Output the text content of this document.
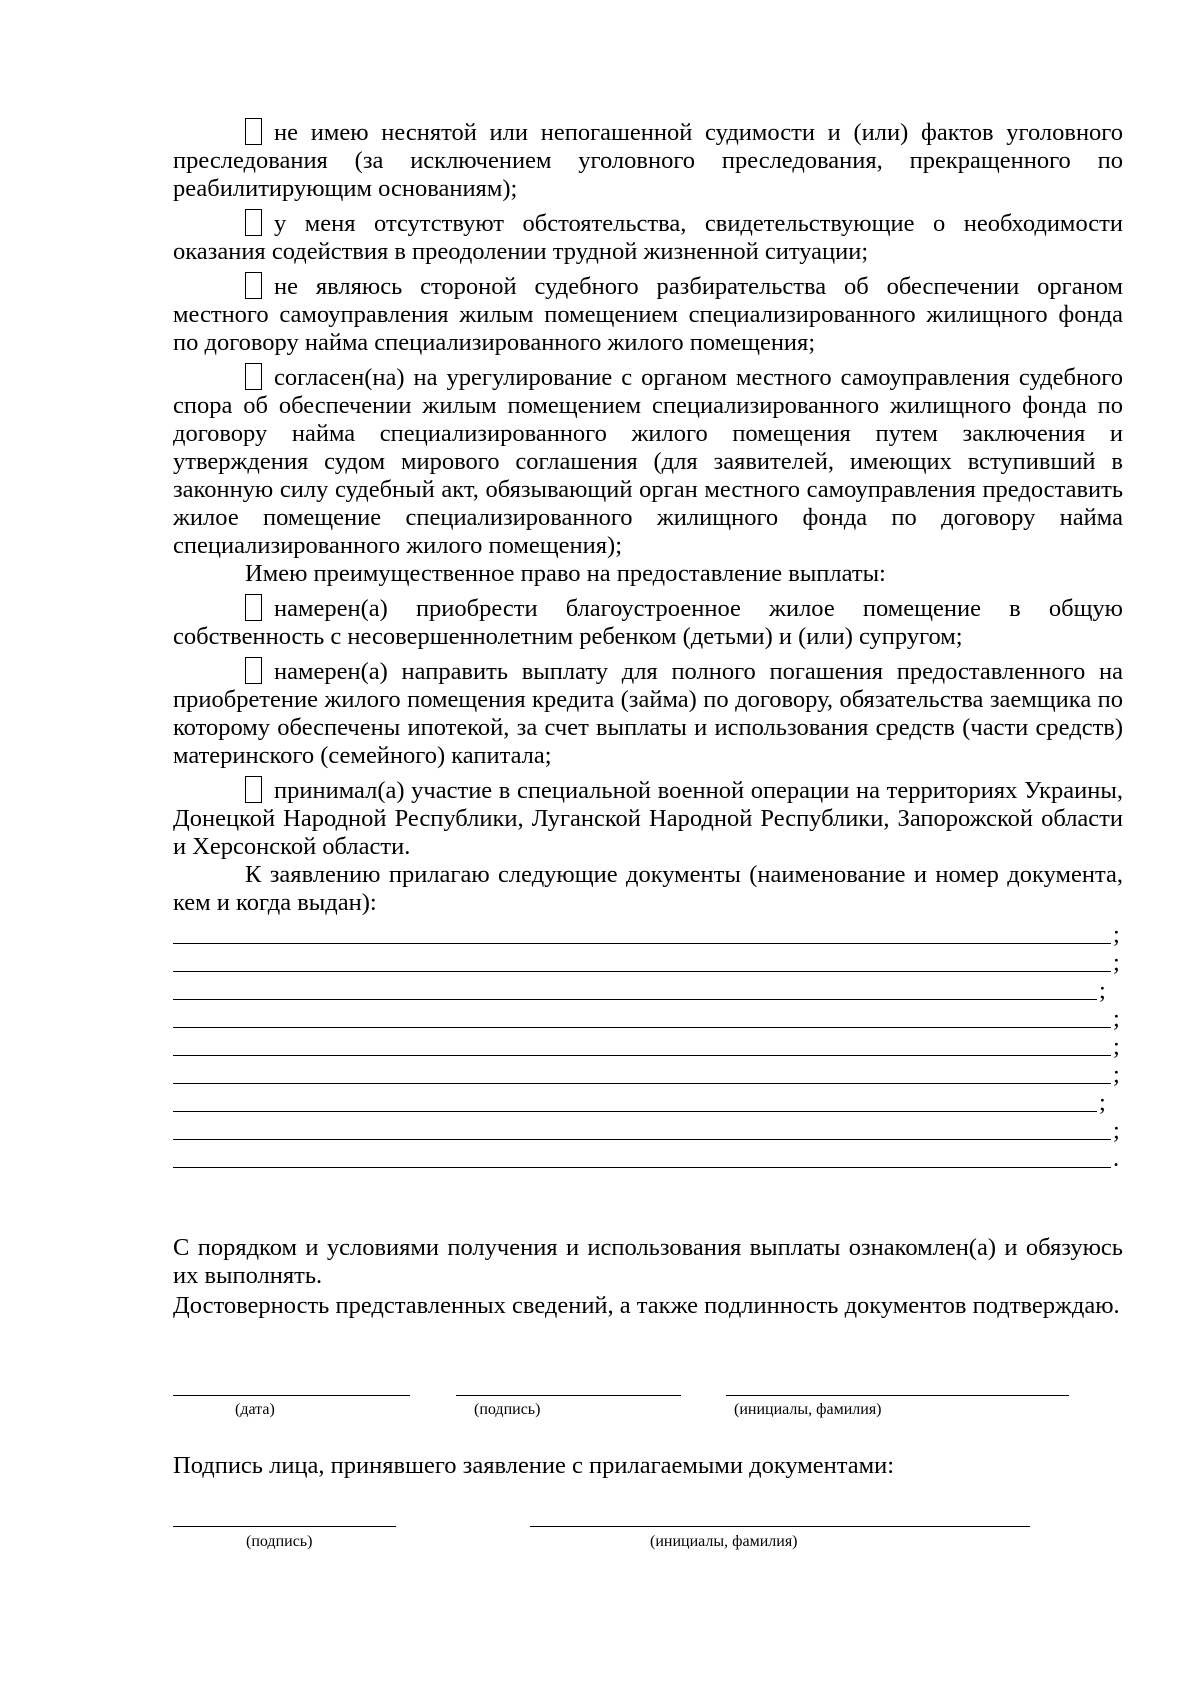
не имею неснятой или непогашенной судимости и (или) фактов уголовного преследования (за исключением уголовного преследования, прекращенного по реабилитирующим основаниям);

у меня отсутствуют обстоятельства, свидетельствующие о необходимости оказания содействия в преодолении трудной жизненной ситуации;

не являюсь стороной судебного разбирательства об обеспечении органом местного самоуправления жилым помещением специализированного жилищного фонда по договору найма специализированного жилого помещения;

согласен(на) на урегулирование с органом местного самоуправления судебного спора об обеспечении жилым помещением специализированного жилищного фонда по договору найма специализированного жилого помещения путем заключения и утверждения судом мирового соглашения (для заявителей, имеющих вступивший в законную силу судебный акт, обязывающий орган местного самоуправления предоставить жилое помещение специализированного жилищного фонда по договору найма специализированного жилого помещения);

Имею преимущественное право на предоставление выплаты:

намерен(а) приобрести благоустроенное жилое помещение в общую собственность с несовершеннолетним ребенком (детьми) и (или) супругом;

намерен(а) направить выплату для полного погашения предоставленного на приобретение жилого помещения кредита (займа) по договору, обязательства заемщика по которому обеспечены ипотекой, за счет выплаты и использования средств (части средств) материнского (семейного) капитала;

принимал(а) участие в специальной военной операции на территориях Украины, Донецкой Народной Республики, Луганской Народной Республики, Запорожской области и Херсонской области.

К заявлению прилагаю следующие документы (наименование и номер документа, кем и когда выдан):

;
;
;
;
;
;
;
;
.

С порядком и условиями получения и использования выплаты ознакомлен(а) и обязуюсь их выполнять.

Достоверность представленных сведений, а также подлинность документов подтверждаю.

(дата)	(подпись)	(инициалы, фамилия)

Подпись лица, принявшего заявление с прилагаемыми документами:

(подпись)	(инициалы, фамилия)
